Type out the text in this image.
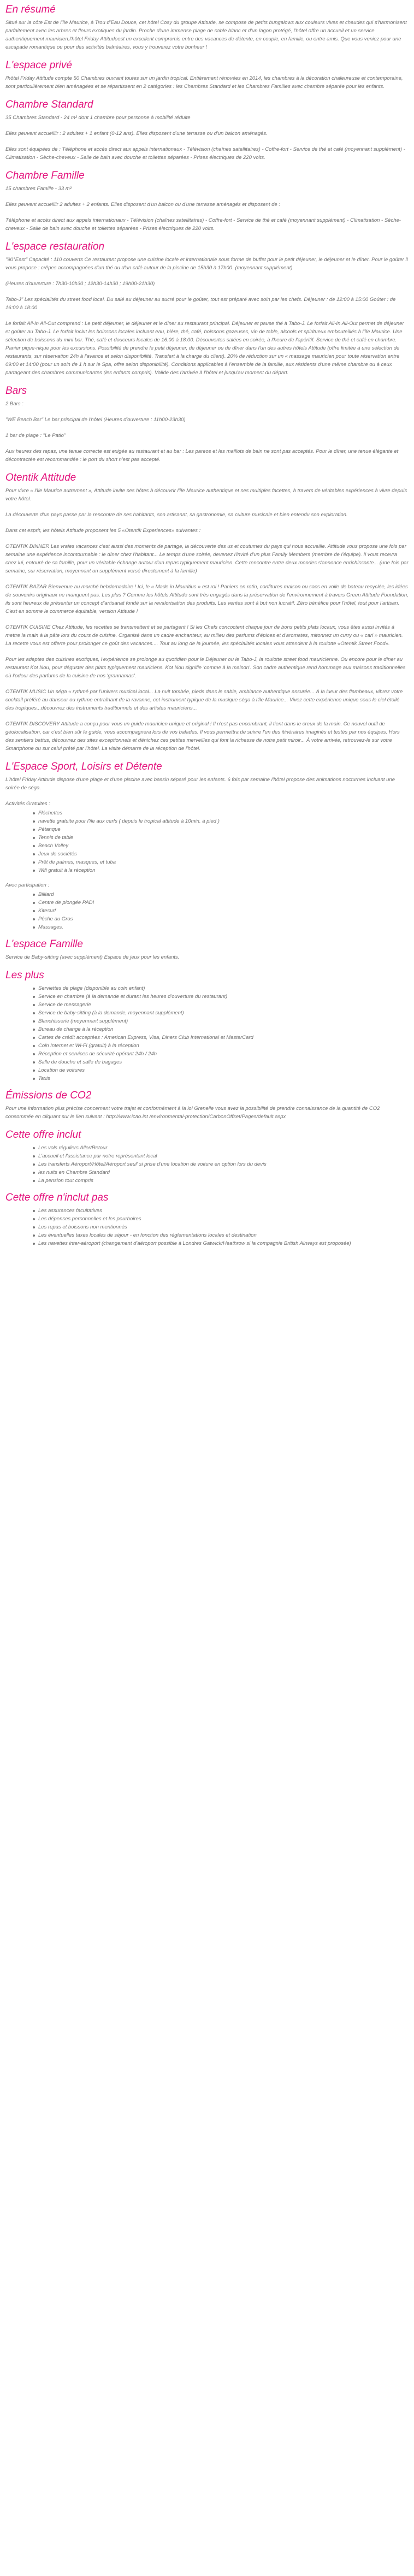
En résumé

Situé sur la côte Est de l'île Maurice, à Trou d'Eau Douce, cet hôtel Cosy du groupe Attitude, se compose de petits bungalows aux couleurs vives et chaudes qui s'harmonisent parfaitement avec les arbres et fleurs exotiques du jardin. Proche d'une immense plage de sable blanc et d'un lagon protégé, l'hôtel offre un accueil et un service authentiquement mauricien.l'hôtel Friday Attitudeest un excellent compromis entre des vacances de détente, en couple, en famille, ou entre amis. Que vous veniez pour une escapade romantique ou pour des activités balnéaires, vous y trouverez votre bonheur !

L'espace privé

l'hôtel Friday Attitude compte 50 Chambres ouvrant toutes sur un jardin tropical. Entièrement rénovées en 2014, les chambres à la décoration chaleureuse et contemporaine, sont particulièrement bien aménagées et se répartissent en 2 catégories : les Chambres Standard et les Chambres Familles avec chambre séparée pour les enfants.

Chambre Standard

35 Chambres Standard - 24 m² dont 1 chambre pour personne à mobilité réduite

Elles peuvent accueillir : 2 adultes + 1 enfant (0-12 ans). Elles disposent d'une terrasse ou d'un balcon aménagés.

Elles sont équipées de : Téléphone et accès direct aux appels internationaux - Télévision (chaînes satellitaires) - Coffre-fort - Service de thé et café (moyennant supplément) - Climatisation - Sèche-cheveux - Salle de bain avec douche et toilettes séparées - Prises électriques de 220 volts.

Chambre Famille

15 chambres Famille - 33 m²

Elles peuvent accueillir 2 adultes + 2 enfants. Elles disposent d'un balcon ou d'une terrasse aménagés et disposent de :

Téléphone et accès direct aux appels internationaux - Télévision (chaînes satellitaires) - Coffre-fort - Service de thé et café (moyennant supplément) - Climatisation - Sèche-cheveux - Salle de bain avec douche et toilettes séparées - Prises électriques de 220 volts.

L'espace restauration

"90°East" Capacité : 110 couverts Ce restaurant propose une cuisine locale et internationale sous forme de buffet pour le petit déjeuner, le déjeuner et le dîner. Pour le goûter il vous propose : crêpes accompagnées d'un thé ou d'un café autour de la piscine de 15h30 à 17h00. (moyennant supplément)

(Heures d'ouverture : 7h30-10h30 ; 12h30-14h30 ; 19h00-21h30)

Tabo-J" Les spécialités du street food local. Du salé au déjeuner au sucré pour le goûter, tout est préparé avec soin par les chefs. Déjeuner : de 12:00 à 15:00 Goûter : de 16:00 à 18:00

Le forfait All-In All-Out comprend : Le petit déjeuner, le déjeuner et le dîner au restaurant principal. Déjeuner et pause thé à Tabo-J. Le forfait All-In All-Out permet de déjeuner et goûter au Tabo-J. Le forfait inclut les boissons locales incluant eau, bière, thé, café, boissons gazeuses, vin de table, alcools et spiritueux embouteillés à l'île Maurice. Une sélection de boissons du mini bar. Thé, café et douceurs locales de 16:00 à 18:00. Découvertes salées en soirée, à l'heure de l'apéritif. Service de thé et café en chambre. Panier pique-nique pour les excursions. Possibilité de prendre le petit déjeuner, de déjeuner ou de dîner dans l'un des autres hôtels Attitude (offre limitée à une sélection de restaurants, sur réservation 24h à l'avance et selon disponibilité. Transfert à la charge du client). 20% de réduction sur un « massage mauricien pour toute réservation entre 09:00 et 14:00 (pour un soin de 1 h sur le Spa, offre selon disponibilité). Conditions applicables à l'ensemble de la famille, aux résidents d'une même chambre ou à ceux partageant des chambres communicantes (les enfants compris). Valide des l'arrivée à l'hôtel et jusqu'au moment du départ.

Bars

2 Bars :

"WE Beach Bar" Le bar principal de l'hôtel (Heures d'ouverture : 11h00-23h30)

1 bar de plage : "Le Patio"

Aux heures des repas, une tenue correcte est exigée au restaurant et au bar : Les pareos et les maillots de bain ne sont pas acceptés. Pour le dîner, une tenue élégante et décontractée est recommandée : le port du short n'est pas accepté.

Otentik Attitude

Pour vivre « l'île Maurice autrement », Attitude invite ses hôtes à découvrir l'île Maurice authentique et ses multiples facettes, à travers de véritables expériences à vivre depuis votre hôtel.

La découverte d'un pays passe par la rencontre de ses habitants, son artisanat, sa gastronomie, sa culture musicale et bien entendu son exploration.

Dans cet esprit, les hôtels Attitude proposent les 5 «Otentik Experiences» suivantes :

OTENTIK DINNER Les vraies vacances c'est aussi des moments de partage, la découverte des us et coutumes du pays qui nous accueille. Attitude vous propose une fois par semaine une expérience incontournable : le dîner chez l'habitant... Le temps d'une soirée, devenez l'invité d'un plus Family Members (membre de l'équipe). Il vous recevra chez lui, entouré de sa famille, pour un véritable échange autour d'un repas typiquement mauricien. Cette rencontre entre deux mondes s'annonce enrichissante... (une fois par semaine, sur réservation, moyennant un supplément versé directement à la famille)

OTENTIK BAZAR Bienvenue au marché hebdomadaire ! Ici, le « Made in Mauritius » est roi ! Paniers en rotin, confitures maison ou sacs en voile de bateau recyclée, les idées de souvenirs originaux ne manquent pas. Les plus ? Comme les hôtels Attitude sont très engagés dans la préservation de l'environnement à travers Green Attitude Foundation, ils sont heureux de présenter un concept d'artisanat fondé sur la revalorisation des produits. Les ventes sont à but non lucratif. Zéro bénéfice pour l'hôtel, tout pour l'artisan. C'est en somme le commerce équitable, version Attitude !

OTENTIK CUISINE Chez Attitude, les recettes se transmettent et se partagent ! Si les Chefs concoctent chaque jour de bons petits plats locaux, vous êtes aussi invités à mettre la main à la pâte lors du cours de cuisine. Organisé dans un cadre enchanteur, au milieu des parfums d'épices et d'aromates, mitonnez un curry ou « cari » mauricien. La recette vous est offerte pour prolonger ce goût des vacances.... Tout au long de la journée, les spécialités locales vous attendent à la roulotte «Otentik Street Food».

Pour les adeptes des cuisines exotiques, l'expérience se prolonge au quotidien pour le Déjeuner ou le Tabo-J, la roulotte street food mauricienne. Ou encore pour le dîner au restaurant Kot Nou, pour déguster des plats typiquement mauriciens. Kot Nou signifie 'comme à la maison'. Son cadre authentique rend hommage aux maisons traditionnelles où l'odeur des parfums de la cuisine de nos 'grannamas'.

OTENTIK MUSIC Un séga « rythmé par l'univers musical local... La nuit tombée, pieds dans le sable, ambiance authentique assurée... À la lueur des flambeaux, vibrez votre cocktail préféré au danseur ou rythme entraînant de la ravanne, cet instrument typique de la musique séga à l'île Maurice... Vivez cette expérience unique sous le ciel étoilé des tropiques...découvrez des instruments traditionnels et des artistes mauriciens...

OTENTIK DISCOVERY Attitude a conçu pour vous un guide mauricien unique et original ! Il n'est pas encombrant, il tient dans le creux de la main. Ce nouvel outil de géolocalisation, car c'est bien sûr le guide, vous accompagnera lors de vos balades. Il vous permettra de suivre l'un des itinéraires imaginés et testés par nos équipes. Hors des sentiers battus, découvrez des sites exceptionnels et dénichez ces petites merveilles qui font la richesse de notre petit miroir... À votre arrivée, retrouvez-le sur votre Smartphone ou sur celui prêté par l'hôtel. La visite démarre de la réception de l'hôtel.

L'Espace Sport, Loisirs et Détente

L'hôtel Friday Attitude dispose d'une plage et d'une piscine avec bassin séparé pour les enfants. 6 fois par semaine l'hôtel propose des animations nocturnes incluant une soirée de séga.

Activités Gratuites :

Fléchettes
navette gratuite pour l'île aux cerfs ( depuis le tropical attitude à 10min. à pied )
Pétanque
Tennis de table
Beach Volley
Jeux de sociétés
Prêt de palmes, masques, et tuba
Wifi gratuit à la réception

Avec participation :

Billiard
Centre de plongée PADI
Kitesurf
Pêche au Gros
Massages.
L'espace Famille

Service de Baby-sitting (avec supplément) Espace de jeux pour les enfants.

Les plus
Serviettes de plage (disponible au coin enfant)
Service en chambre (à la demande et durant les heures d'ouverture du restaurant)
Service de messagerie
Service de baby-sitting (à la demande, moyennant supplément)
Blanchisserie (moyennant supplément)
Bureau de change à la réception
Cartes de crédit acceptées : American Express, Visa, Diners Club International et MasterCard
Coin Internet et Wi-Fi (gratuit) à la réception
Réception et services de sécurité opérant 24h / 24h
Salle de douche et salle de bagages
Location de voitures
Taxis
Émissions de CO2

Pour une information plus précise concernant votre trajet et conformément à la loi Grenelle vous avez la possibilité de prendre connaissance de la quantité de CO2 consommée en cliquant sur le lien suivant : http://www.icao.int /environmental-protection/CarbonOffset/Pages/default.aspx

Cette offre inclut
Les vols réguliers Aller/Retour
L'accueil et l'assistance par notre représentant local
Les transferts Aéroport/Hôtel/Aéroport seul' si prise d'une location de voiture en option lors du devis
les nuits en Chambre Standard
La pension tout compris
Cette offre n'inclut pas
Les assurances facultatives
Les dépenses personnelles et les pourboires
Les repas et boissons non mentionnés
Les éventuelles taxes locales de séjour - en fonction des réglementations locales et destination
Les navettes inter-aéroport (changement d'aéroport possible à Londres Gatwick/Heathrow si la compagnie British Airways est proposée)
